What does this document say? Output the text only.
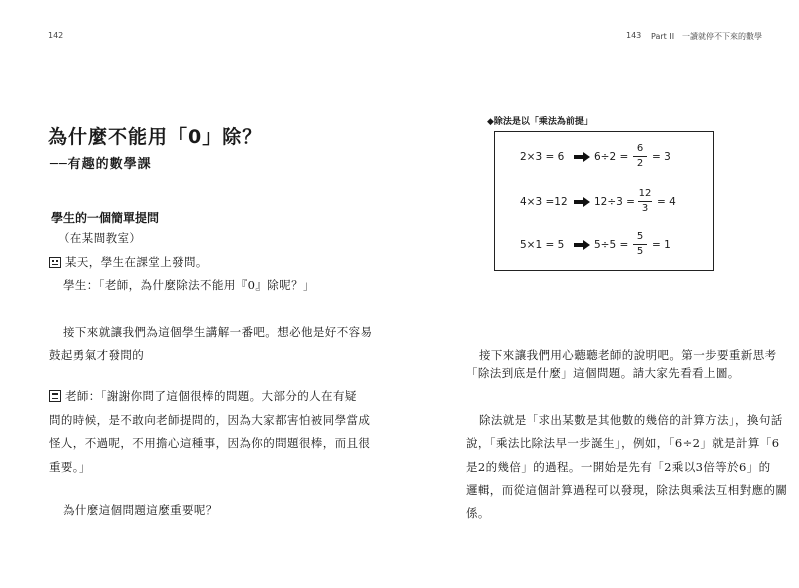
142	143 Part II　一讀就停不下來的數學
為什麼不能用「0」除？
──有趣的數學課
學生的一個簡單提問
（在某間教室）
某天，學生在課堂上發問。
學生：「老師，為什麼除法不能用『0』除呢？」
接下來就讓我們為這個學生講解一番吧。想必他是好不容易
鼓起勇氣才發問的
老師：「謝謝你問了這個很棒的問題。大部分的人在有疑
問的時候，是不敢向老師提問的，因為大家都害怕被同學當成
怪人，不過呢，不用擔心這種事，因為你的問題很棒，而且很
重要。」
為什麼這個問題這麼重要呢？
◆除法是以「乘法為前提」
2×3 = 6	6÷2 =
6
2
= 3
4×3 =12	12÷3 =
12
3
= 4
5×1 = 5	5÷5 =
5
5
= 1
接下來讓我們用心聽聽老師的說明吧。第一步要重新思考
「除法到底是什麼」這個問題。請大家先看看上圖。
除法就是「求出某數是其他數的幾倍的計算方法」，換句話
說，「乘法比除法早一步誕生」，例如，「6÷2」就是計算「6
是2的幾倍」的過程。一開始是先有「2乘以3倍等於6」的
邏輯，而從這個計算過程可以發現，除法與乘法互相對應的關
係。
